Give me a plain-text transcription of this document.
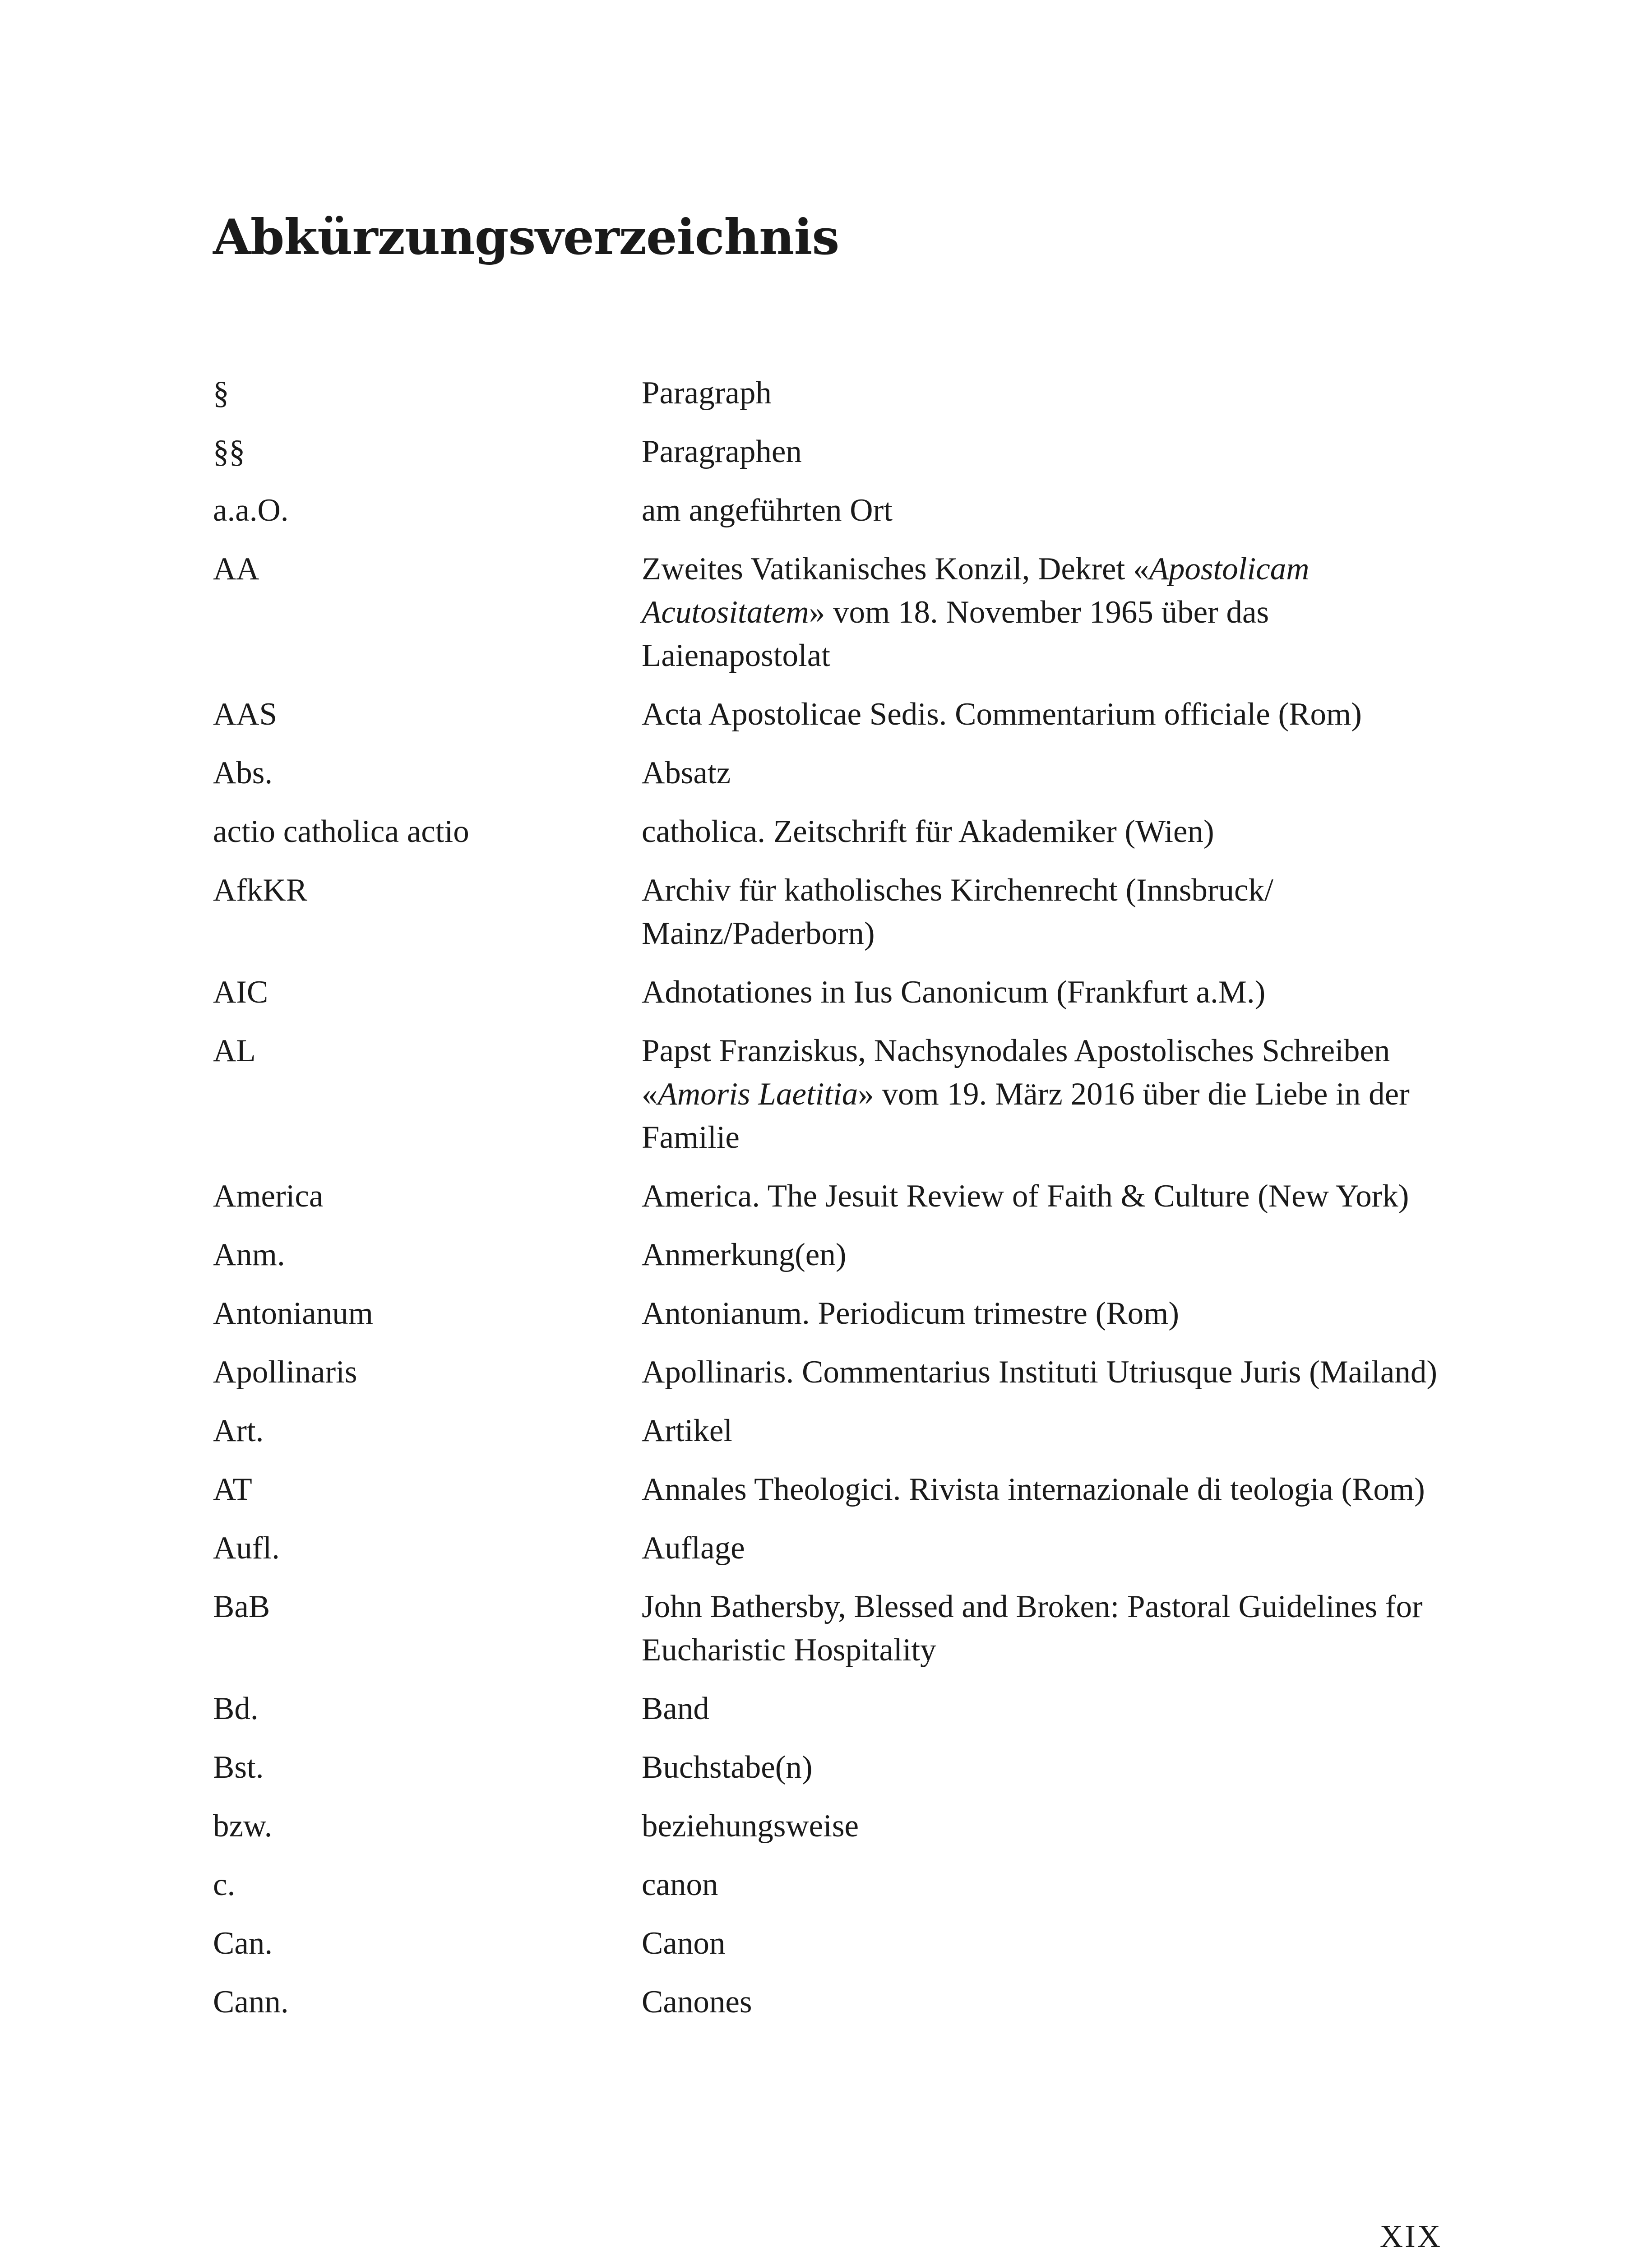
Abkürzungsverzeichnis
§	Paragraph
§§	Paragraphen
a.a.O.	am angeführten Ort
AA	Zweites Vatikanisches Konzil, Dekret «Apostolicam Acutositatem» vom 18. November 1965 über das Laienapostolat
AAS	Acta Apostolicae Sedis. Commentarium officiale (Rom)
Abs.	Absatz
actio catholica actio	catholica. Zeitschrift für Akademiker (Wien)
AfkKR	Archiv für katholisches Kirchenrecht (Innsbruck/ Mainz/Paderborn)
AIC	Adnotationes in Ius Canonicum (Frankfurt a.M.)
AL	Papst Franziskus, Nachsynodales Apostolisches Schreiben «Amoris Laetitia» vom 19. März 2016 über die Liebe in der Familie
America	America. The Jesuit Review of Faith & Culture (New York)
Anm.	Anmerkung(en)
Antonianum	Antonianum. Periodicum trimestre (Rom)
Apollinaris	Apollinaris. Commentarius Instituti Utriusque Juris (Mailand)
Art.	Artikel
AT	Annales Theologici. Rivista internazionale di teologia (Rom)
Aufl.	Auflage
BaB	John Bathersby, Blessed and Broken: Pastoral Guidelines for Eucharistic Hospitality
Bd.	Band
Bst.	Buchstabe(n)
bzw.	beziehungsweise
c.	canon
Can.	Canon
Cann.	Canones
XIX
